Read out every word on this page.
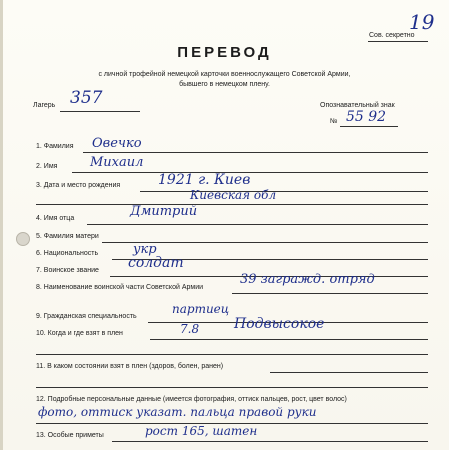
Сов. секретно
19
ПЕРЕВОД
с личной трофейной немецкой карточки военнослужащего Советской Армии,
бывшего в немецком плену.
Лагерь 357	Опознавательный знак
№ 55 92
1. Фамилия Овечко
2. Имя	Михаил
3. Дата и место рождения	1921 г. Киев
Киевская обл
4. Имя отца	Дмитрий
5. Фамилия матери
6. Национальность	укр
7. Воинское звание солдат
8. Наименование воинской части Советской Армии
39 загражд. отряд
9. Гражданская специальность
партиец
10. Когда и где взят в плен	7.8 Подвысокое
11. В каком состоянии взят в плен (здоров, болен, ранен)
12. Подробные персональные данные (имеется фотография, оттиск пальцев, рост, цвет волос)
фото, оттиск указат. пальца правой руки
13. Особые приметы	рост 165, шатен
